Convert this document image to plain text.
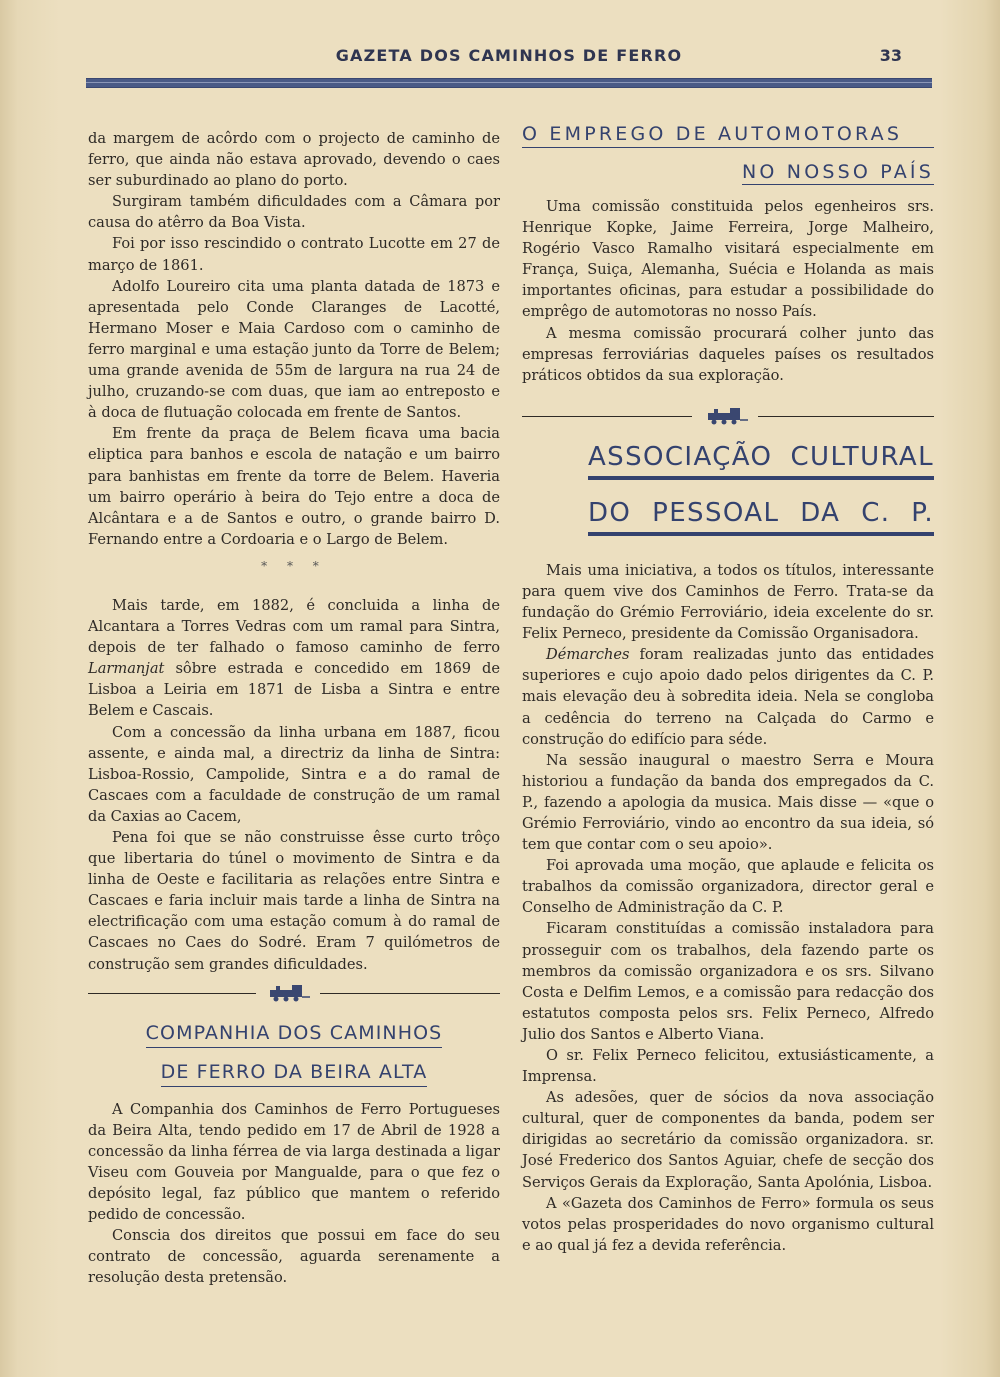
GAZETA DOS CAMINHOS DE FERRO	33

da margem de acôrdo com o projecto de caminho de ferro, que ainda não estava aprovado, devendo o caes ser suburdinado ao plano do porto.

Surgiram também dificuldades com a Câmara por causa do atêrro da Boa Vista.

Foi por isso rescindido o contrato Lucotte em 27 de março de 1861.

Adolfo Loureiro cita uma planta datada de 1873 e apresentada pelo Conde Claranges de Lacotté, Hermano Moser e Maia Cardoso com o caminho de ferro marginal e uma estação junto da Torre de Belem; uma grande avenida de 55m de largura na rua 24 de julho, cruzando-se com duas, que iam ao entreposto e à doca de flutuação colocada em frente de Santos.

Em frente da praça de Belem ficava uma bacia eliptica para banhos e escola de natação e um bairro para banhistas em frente da torre de Belem. Haveria um bairro operário à beira do Tejo entre a doca de Alcântara e a de Santos e outro, o grande bairro D. Fernando entre a Cordoaria e o Largo de Belem.

* * *

Mais tarde, em 1882, é concluida a linha de Alcantara a Torres Vedras com um ramal para Sintra, depois de ter falhado o famoso caminho de ferro Larmanjat sôbre estrada e concedido em 1869 de Lisboa a Leiria em 1871 de Lisba a Sintra e entre Belem e Cascais.

Com a concessão da linha urbana em 1887, ficou assente, e ainda mal, a directriz da linha de Sintra: Lisboa-Rossio, Campolide, Sintra e a do ramal de Cascaes com a faculdade de construção de um ramal da Caxias ao Cacem,

Pena foi que se não construisse êsse curto trôço que libertaria do túnel o movimento de Sintra e da linha de Oeste e facilitaria as relações entre Sintra e Cascaes e faria incluir mais tarde a linha de Sintra na electrificação com uma estação comum à do ramal de Cascaes no Caes do Sodré. Eram 7 quilómetros de construção sem grandes dificuldades.

COMPANHIA DOS CAMINHOS
DE FERRO DA BEIRA ALTA

A Companhia dos Caminhos de Ferro Portugueses da Beira Alta, tendo pedido em 17 de Abril de 1928 a concessão da linha férrea de via larga destinada a ligar Viseu com Gouveia por Mangualde, para o que fez o depósito legal, faz público que mantem o referido pedido de concessão.

Conscia dos direitos que possui em face do seu contrato de concessão, aguarda serenamente a resolução desta pretensão.

O EMPREGO DE AUTOMOTORAS
NO NOSSO PAÍS

Uma comissão constituida pelos egenheiros srs. Henrique Kopke, Jaime Ferreira, Jorge Malheiro, Rogério Vasco Ramalho visitará especialmente em França, Suiça, Alemanha, Suécia e Holanda as mais importantes oficinas, para estudar a possibilidade do emprêgo de automotoras no nosso País.

A mesma comissão procurará colher junto das empresas ferroviárias daqueles países os resultados práticos obtidos da sua exploração.

ASSOCIAÇÃO CULTURAL
DO PESSOAL DA C. P.

Mais uma iniciativa, a todos os títulos, interessante para quem vive dos Caminhos de Ferro. Trata-se da fundação do Grémio Ferroviário, ideia excelente do sr. Felix Perneco, presidente da Comissão Organisadora.

Démarches foram realizadas junto das entidades superiores e cujo apoio dado pelos dirigentes da C. P. mais elevação deu à sobredita ideia. Nela se congloba a cedência do terreno na Calçada do Carmo e construção do edifício para séde.

Na sessão inaugural o maestro Serra e Moura historiou a fundação da banda dos empregados da C. P., fazendo a apologia da musica. Mais disse — «que o Grémio Ferroviário, vindo ao encontro da sua ideia, só tem que contar com o seu apoio».

Foi aprovada uma moção, que aplaude e felicita os trabalhos da comissão organizadora, director geral e Conselho de Administração da C. P.

Ficaram constituídas a comissão instaladora para prosseguir com os trabalhos, dela fazendo parte os membros da comissão organizadora e os srs. Silvano Costa e Delfim Lemos, e a comissão para redacção dos estatutos composta pelos srs. Felix Perneco, Alfredo Julio dos Santos e Alberto Viana.

O sr. Felix Perneco felicitou, extusiásticamente, a Imprensa.

As adesões, quer de sócios da nova associação cultural, quer de componentes da banda, podem ser dirigidas ao secretário da comissão organizadora. sr. José Frederico dos Santos Aguiar, chefe de secção dos Serviços Gerais da Exploração, Santa Apolónia, Lisboa.

A «Gazeta dos Caminhos de Ferro» formula os seus votos pelas prosperidades do novo organismo cultural e ao qual já fez a devida referência.
